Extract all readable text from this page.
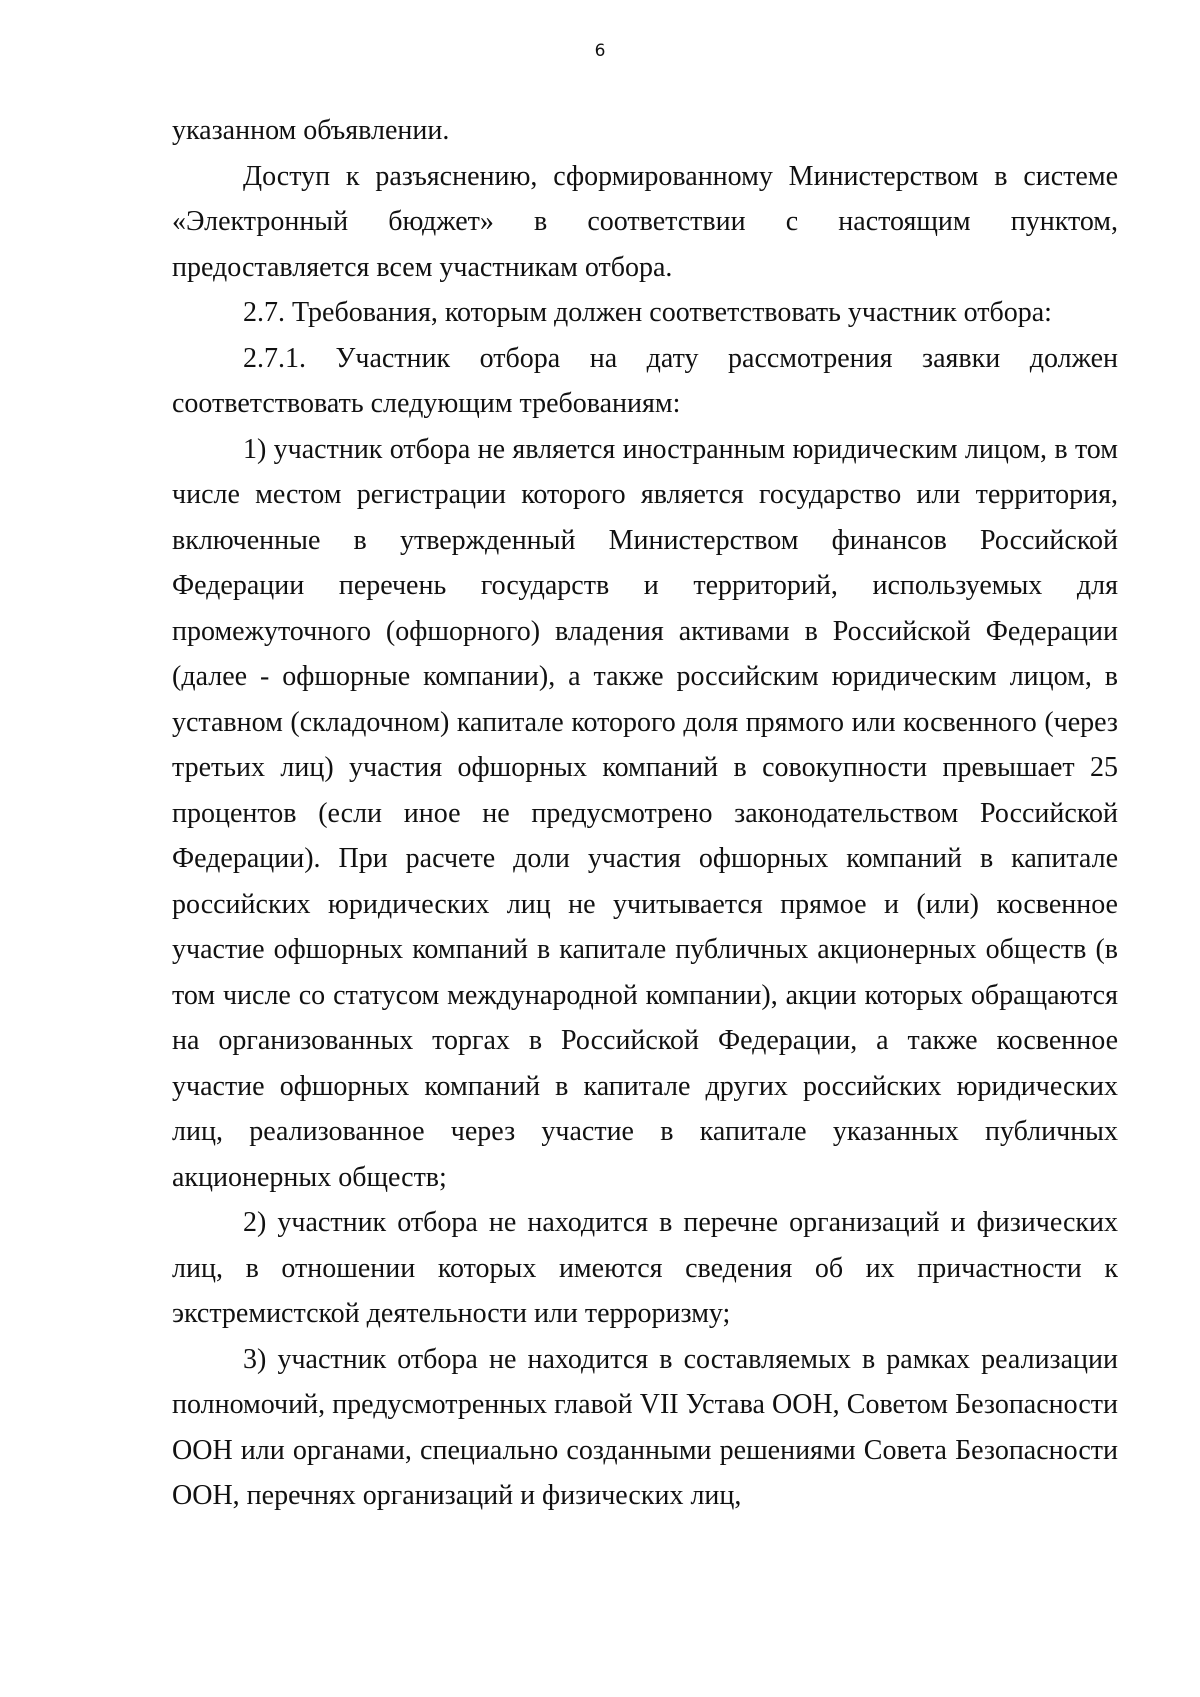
6

указанном объявлении.

Доступ к разъяснению, сформированному Министерством в системе «Электронный бюджет» в соответствии с настоящим пунктом, предоставляется всем участникам отбора.

2.7. Требования, которым должен соответствовать участник отбора:

2.7.1. Участник отбора на дату рассмотрения заявки должен соответствовать следующим требованиям:

1) участник отбора не является иностранным юридическим лицом, в том числе местом регистрации которого является государство или территория, включенные в утвержденный Министерством финансов Российской Федерации перечень государств и территорий, используемых для промежуточного (офшорного) владения активами в Российской Федерации (далее - офшорные компании), а также российским юридическим лицом, в уставном (складочном) капитале которого доля прямого или косвенного (через третьих лиц) участия офшорных компаний в совокупности превышает 25 процентов (если иное не предусмотрено законодательством Российской Федерации). При расчете доли участия офшорных компаний в капитале российских юридических лиц не учитывается прямое и (или) косвенное участие офшорных компаний в капитале публичных акционерных обществ (в том числе со статусом международной компании), акции которых обращаются на организованных торгах в Российской Федерации, а также косвенное участие офшорных компаний в капитале других российских юридических лиц, реализованное через участие в капитале указанных публичных акционерных обществ;

2) участник отбора не находится в перечне организаций и физических лиц, в отношении которых имеются сведения об их причастности к экстремистской деятельности или терроризму;

3) участник отбора не находится в составляемых в рамках реализации полномочий, предусмотренных главой VII Устава ООН, Советом Безопасности ООН или органами, специально созданными решениями Совета Безопасности ООН, перечнях организаций и физических лиц,
